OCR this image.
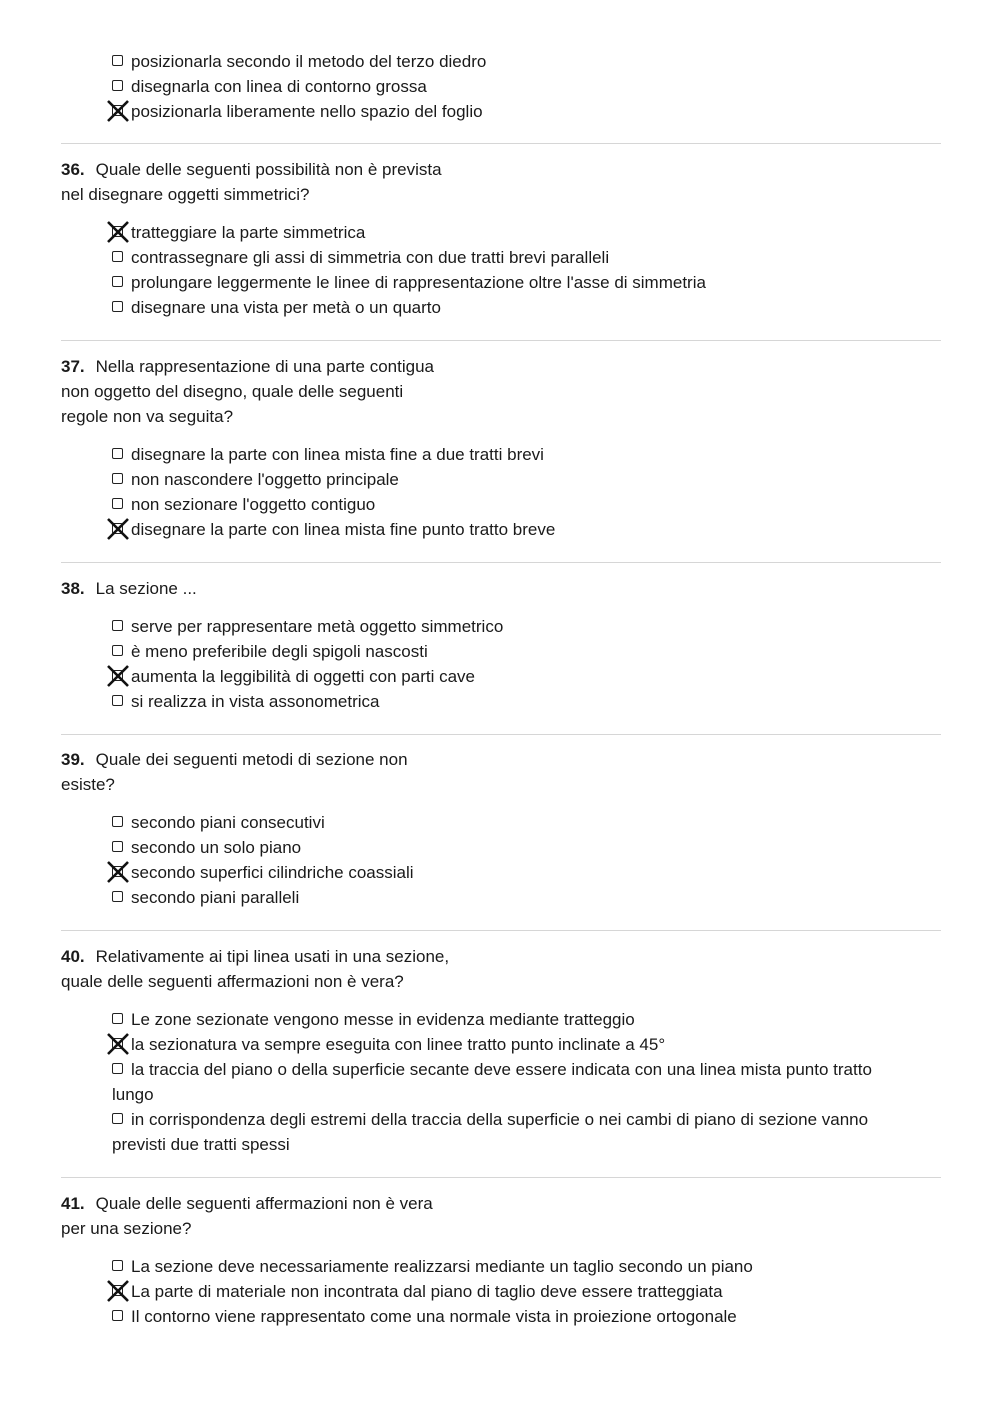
posizionarla secondo il metodo del terzo diedro
disegnarla con linea di contorno grossa
posizionarla liberamente nello spazio del foglio

36. Quale delle seguenti possibilità non è prevista
nel disegnare oggetti simmetrici?

tratteggiare la parte simmetrica
contrassegnare gli assi di simmetria con due tratti brevi paralleli
prolungare leggermente le linee di rappresentazione oltre l'asse di simmetria
disegnare una vista per metà o un quarto

37. Nella rappresentazione di una parte contigua
non oggetto del disegno, quale delle seguenti
regole non va seguita?

disegnare la parte con linea mista fine a due tratti brevi
non nascondere l'oggetto principale
non sezionare l'oggetto contiguo
disegnare la parte con linea mista fine punto tratto breve

38. La sezione ...

serve per rappresentare metà oggetto simmetrico
è meno preferibile degli spigoli nascosti
aumenta la leggibilità di oggetti con parti cave
si realizza in vista assonometrica

39. Quale dei seguenti metodi di sezione non
esiste?

secondo piani consecutivi
secondo un solo piano
secondo superfici cilindriche coassiali
secondo piani paralleli

40. Relativamente ai tipi linea usati in una sezione,
quale delle seguenti affermazioni non è vera?

Le zone sezionate vengono messe in evidenza mediante tratteggio
la sezionatura va sempre eseguita con linee tratto punto inclinate a 45°
la traccia del piano o della superficie secante deve essere indicata con una linea mista punto tratto lungo
in corrispondenza degli estremi della traccia della superficie o nei cambi di piano di sezione vanno previsti due tratti spessi

41. Quale delle seguenti affermazioni non è vera
per una sezione?

La sezione deve necessariamente realizzarsi mediante un taglio secondo un piano
La parte di materiale non incontrata dal piano di taglio deve essere tratteggiata
Il contorno viene rappresentato come una normale vista in proiezione ortogonale
